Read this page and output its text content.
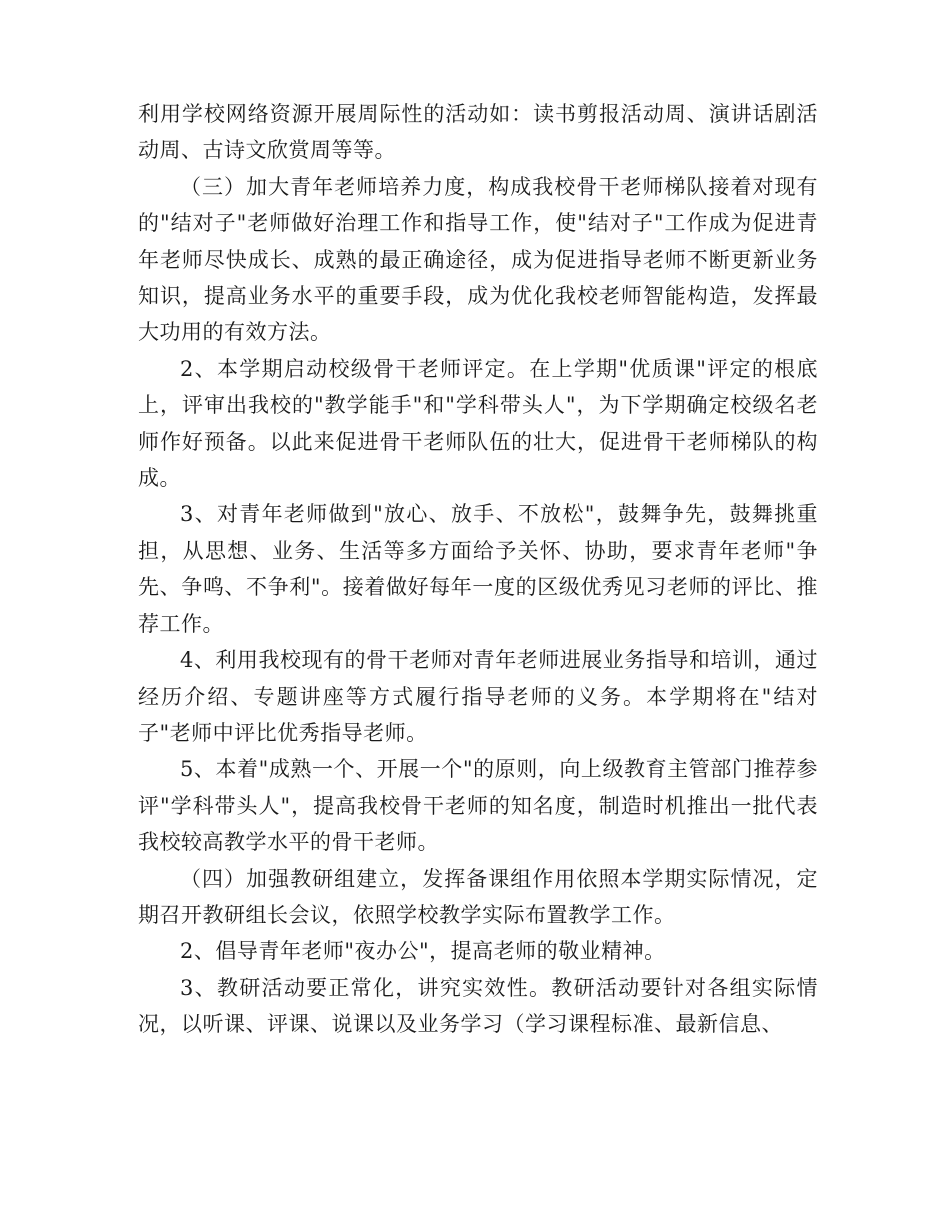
利用学校网络资源开展周际性的活动如：读书剪报活动周、演讲话剧活动周、古诗文欣赏周等等。

（三）加大青年老师培养力度，构成我校骨干老师梯队接着对现有的"结对子"老师做好治理工作和指导工作，使"结对子"工作成为促进青年老师尽快成长、成熟的最正确途径，成为促进指导老师不断更新业务知识，提高业务水平的重要手段，成为优化我校老师智能构造，发挥最大功用的有效方法。

2、本学期启动校级骨干老师评定。在上学期"优质课"评定的根底上，评审出我校的"教学能手"和"学科带头人"，为下学期确定校级名老师作好预备。以此来促进骨干老师队伍的壮大，促进骨干老师梯队的构成。

3、对青年老师做到"放心、放手、不放松"，鼓舞争先，鼓舞挑重担，从思想、业务、生活等多方面给予关怀、协助，要求青年老师"争先、争鸣、不争利"。接着做好每年一度的区级优秀见习老师的评比、推荐工作。

4、利用我校现有的骨干老师对青年老师进展业务指导和培训，通过经历介绍、专题讲座等方式履行指导老师的义务。本学期将在"结对子"老师中评比优秀指导老师。

5、本着"成熟一个、开展一个"的原则，向上级教育主管部门推荐参评"学科带头人"，提高我校骨干老师的知名度，制造时机推出一批代表我校较高教学水平的骨干老师。

（四）加强教研组建立，发挥备课组作用依照本学期实际情况，定期召开教研组长会议，依照学校教学实际布置教学工作。

2、倡导青年老师"夜办公"，提高老师的敬业精神。

3、教研活动要正常化，讲究实效性。教研活动要针对各组实际情况，以听课、评课、说课以及业务学习（学习课程标准、最新信息、
